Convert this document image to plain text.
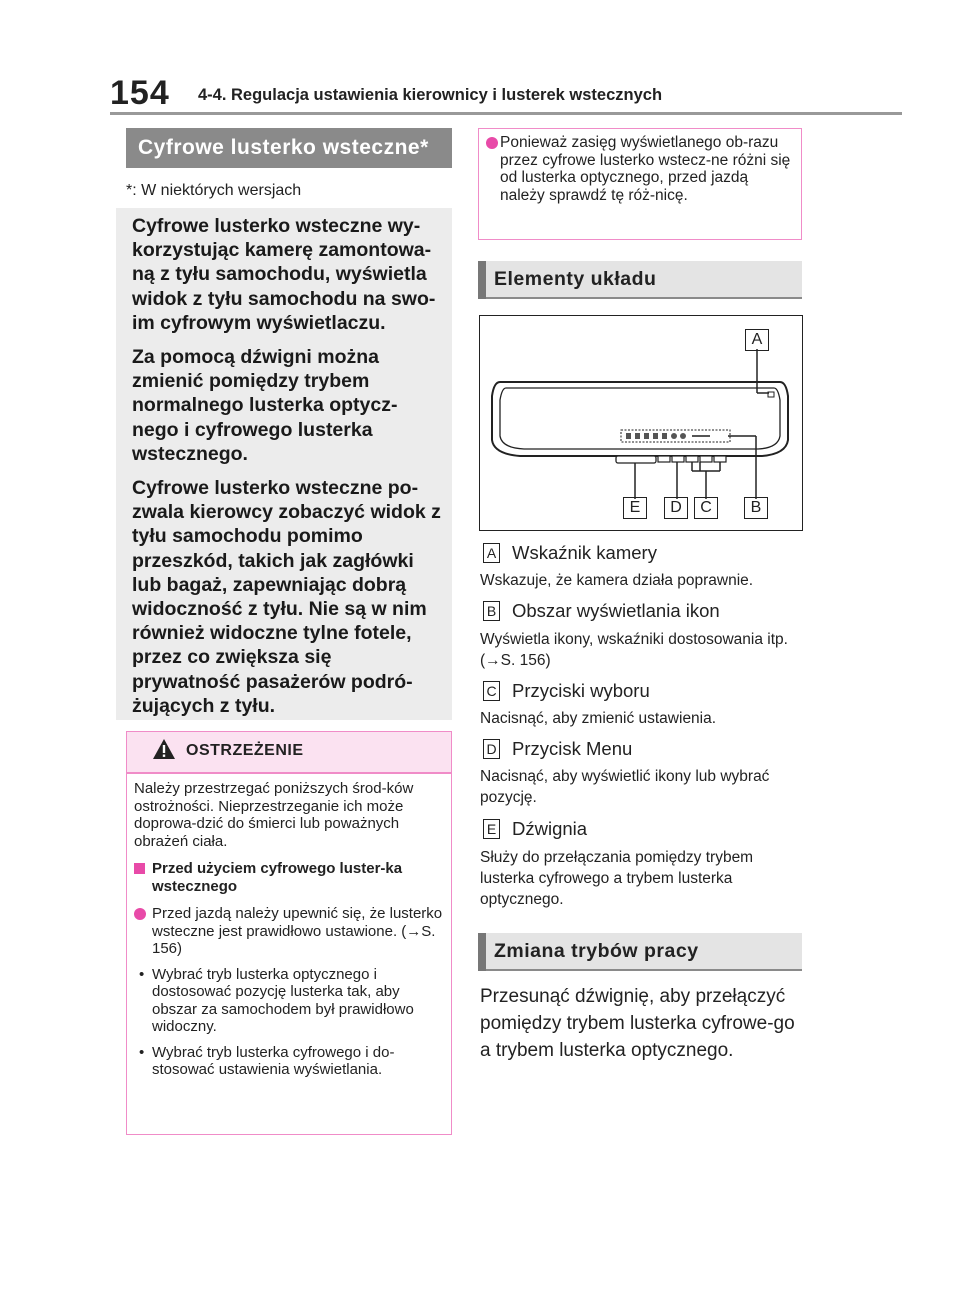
154 4-4. Regulacja ustawienia kierownicy i lusterek wstecznych
Cyfrowe lusterko wsteczne*
*: W niektórych wersjach

Cyfrowe lusterko wsteczne wy-korzystując kamerę zamontowa-ną z tyłu samochodu, wyświetla widok z tyłu samochodu na swo-im cyfrowym wyświetlaczu.

Za pomocą dźwigni można zmienić pomiędzy trybem normalnego lusterka optycz-nego i cyfrowego lusterka wstecznego.

Cyfrowe lusterko wsteczne po-zwala kierowcy zobaczyć widok z tyłu samochodu pomimo przeszkód, takich jak zagłówki lub bagaż, zapewniając dobrą widoczność z tyłu. Nie są w nim również widoczne tylne fotele, przez co zwiększa się prywatność pasażerów podró-żujących z tyłu.

OSTRZEŻENIE

Należy przestrzegać poniższych środ-ków ostrożności. Nieprzestrzeganie ich może doprowa-dzić do śmierci lub poważnych obrażeń ciała.

Przed użyciem cyfrowego luster-ka wstecznego

Przed jazdą należy upewnić się, że lusterko wsteczne jest prawidłowo ustawione. (→S. 156)

• Wybrać tryb lusterka optycznego i dostosować pozycję lusterka tak, aby obszar za samochodem był prawidłowo widoczny.

• Wybrać tryb lusterka cyfrowego i do-stosować ustawienia wyświetlania.

Ponieważ zasięg wyświetlanego ob-razu przez cyfrowe lusterko wstecz-ne różni się od lusterka optycznego, przed jazdą należy sprawdź tę róż-nicę.
Elementy układu
A
E	D	C	B
A Wskaźnik kamery
Wskazuje, że kamera działa poprawnie.
B Obszar wyświetlania ikon
Wyświetla ikony, wskaźniki dostosowania itp. (→S. 156)
C Przyciski wyboru
Nacisnąć, aby zmienić ustawienia.
D Przycisk Menu
Nacisnąć, aby wyświetlić ikony lub wybrać pozycję.
E Dźwignia
Służy do przełączania pomiędzy trybem lusterka cyfrowego a trybem lusterka optycznego.
Zmiana trybów pracy
Przesunąć dźwignię, aby przełączyć pomiędzy trybem lusterka cyfrowe-go a trybem lusterka optycznego.
